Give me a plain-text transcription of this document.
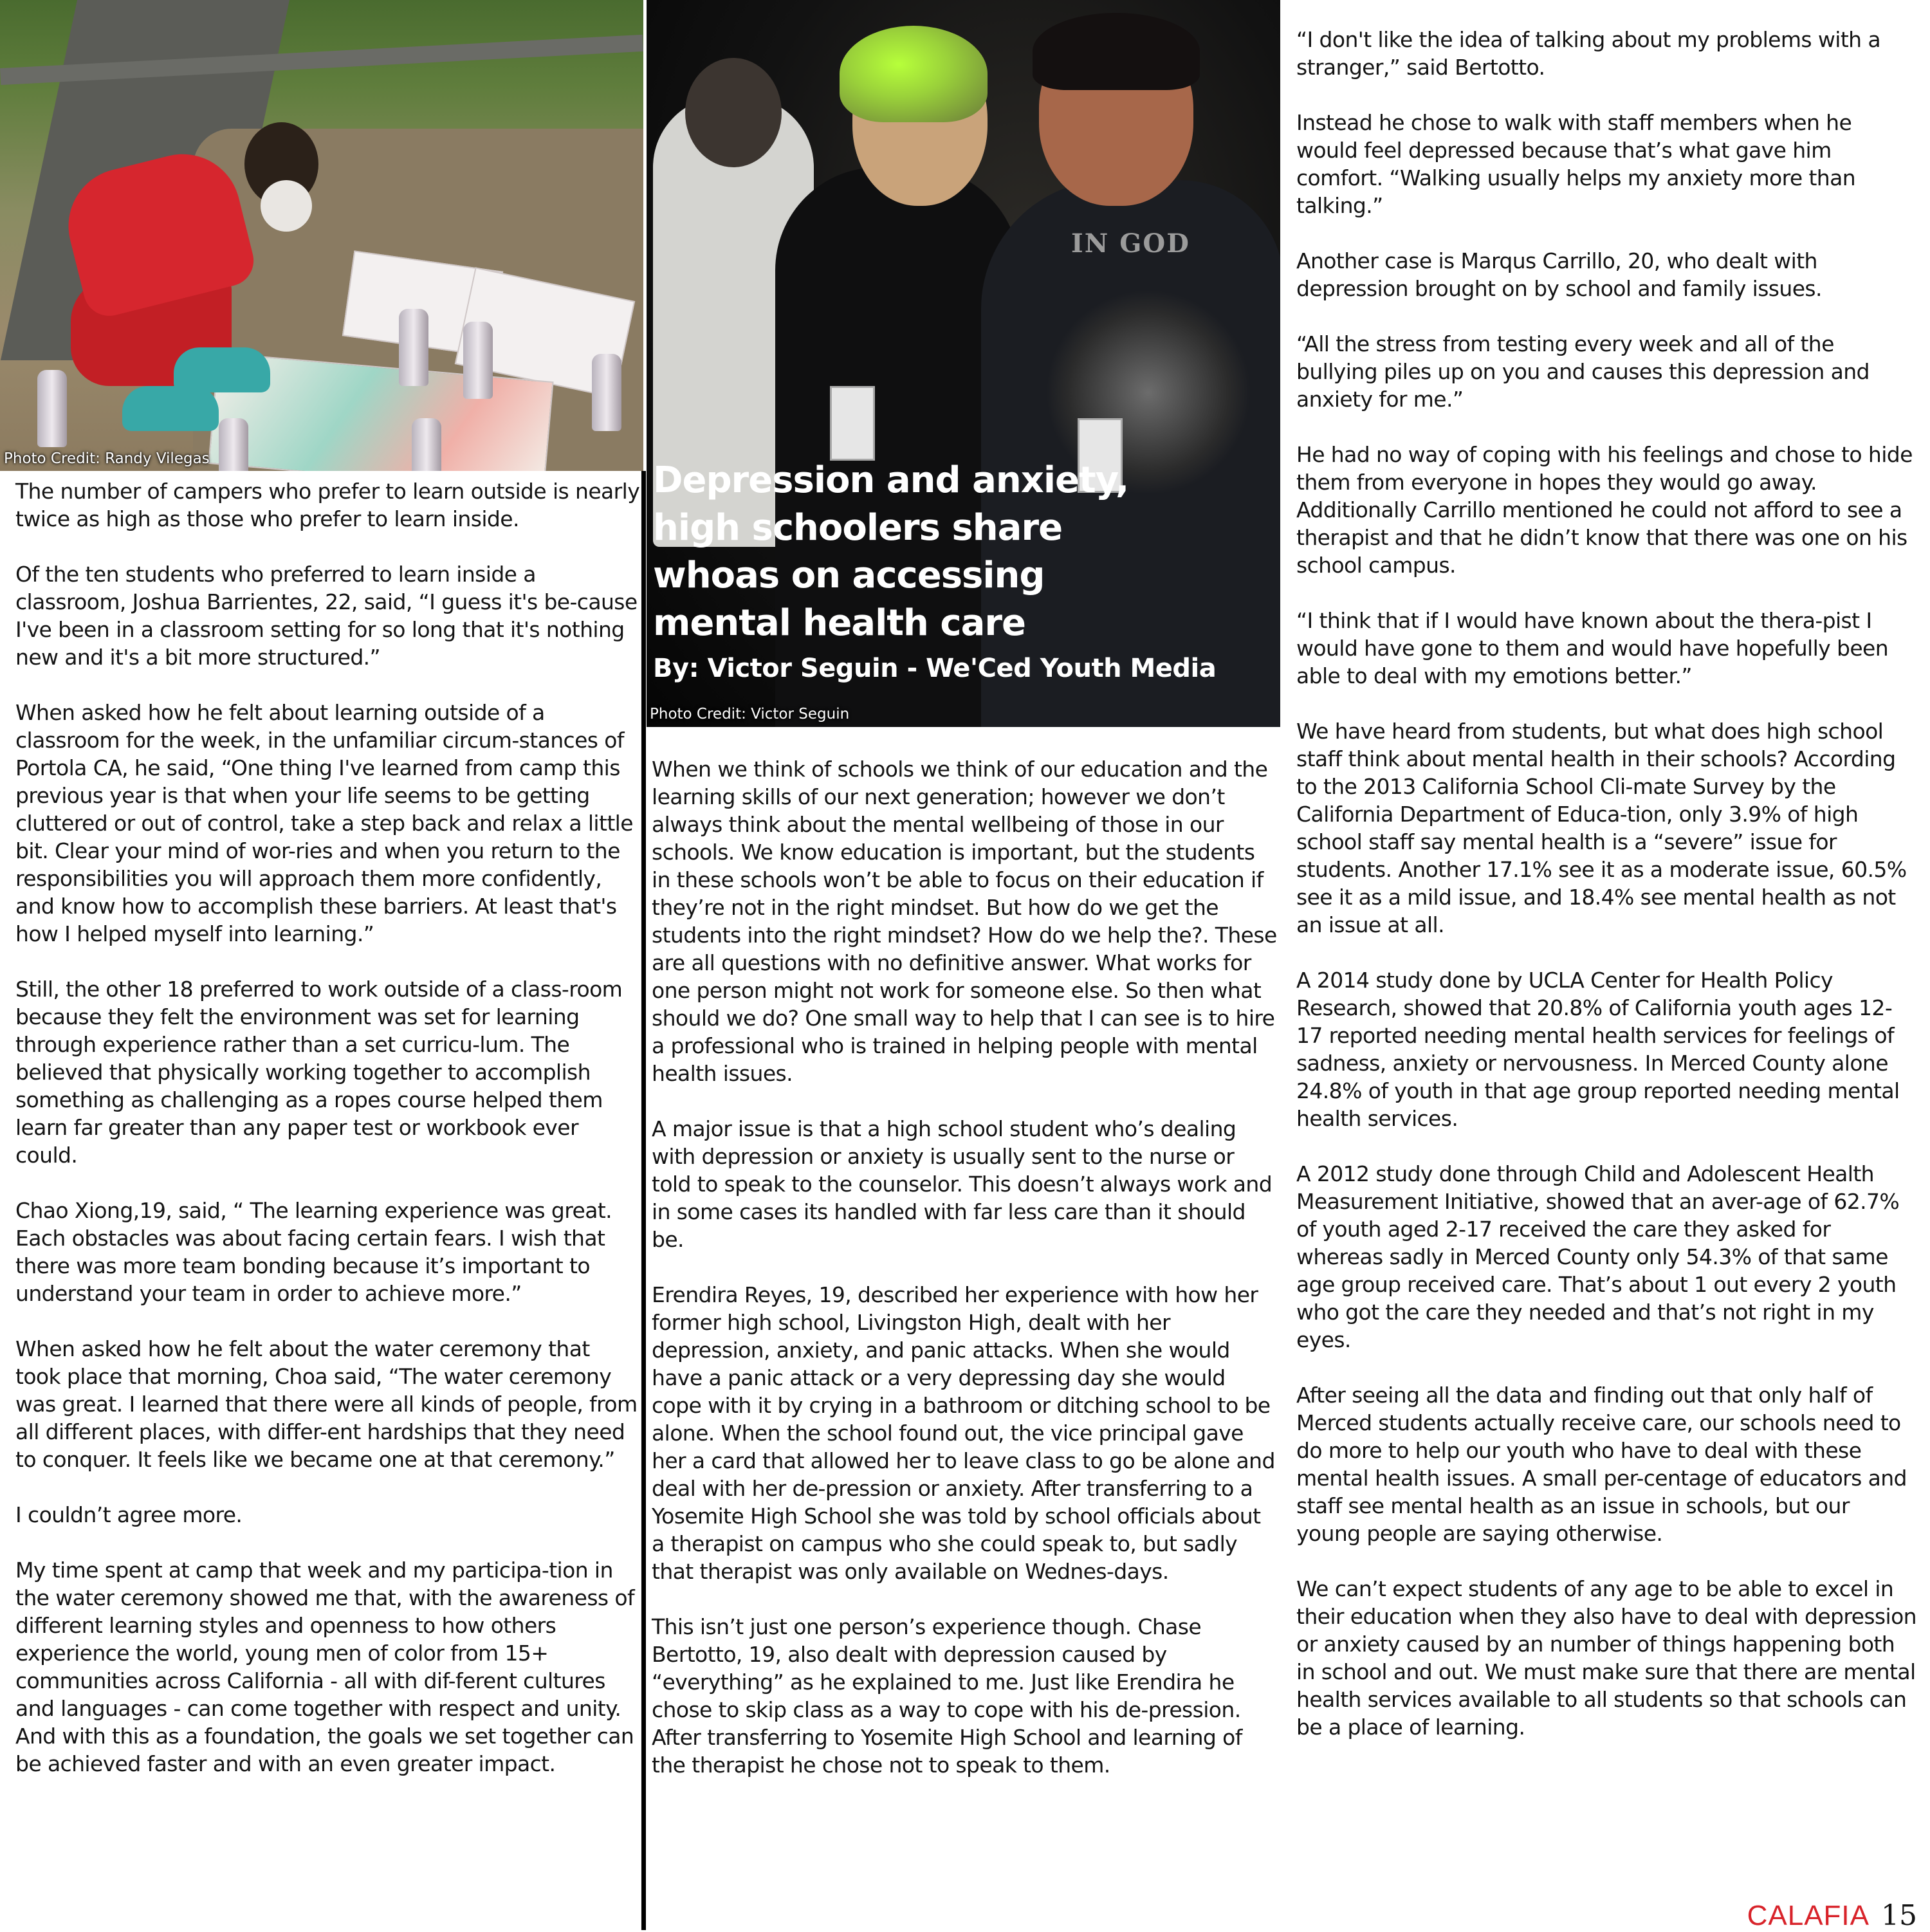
Photo Credit: Randy Vilegas
IN GOD
Photo Credit: Victor Seguin
Depression and anxiety,
high schoolers share
whoas on accessing
mental health care
By: Victor Seguin - We'Ced Youth Media

The number of campers who prefer to learn outside is nearly twice as high as those who prefer to learn inside.

Of the ten students who preferred to learn inside a classroom, Joshua Barrientes, 22, said, “I guess it's be-cause I've been in a classroom setting for so long that it's nothing new and it's a bit more structured.”

When asked how he felt about learning outside of a classroom for the week, in the unfamiliar circum-stances of Portola CA, he said, “One thing I've learned from camp this previous year is that when your life seems to be getting cluttered or out of control, take a step back and relax a little bit. Clear your mind of wor-ries and when you return to the responsibilities you will approach them more confidently, and know how to accomplish these barriers. At least that's how I helped myself into learning.”

Still, the other 18 preferred to work outside of a class-room because they felt the environment was set for learning through experience rather than a set curricu-lum. The believed that physically working together to accomplish something as challenging as a ropes course helped them learn far greater than any paper test or workbook ever could.

Chao Xiong,19, said, “ The learning experience was great. Each obstacles was about facing certain fears. I wish that there was more team bonding because it’s important to understand your team in order to achieve more.”

When asked how he felt about the water ceremony that took place that morning, Choa said, “The water ceremony was great. I learned that there were all kinds of people, from all different places, with differ-ent hardships that they need to conquer. It feels like we became one at that ceremony.”

I couldn’t agree more.

My time spent at camp that week and my participa-tion in the water ceremony showed me that, with the awareness of different learning styles and openness to how others experience the world, young men of color from 15+ communities across California - all with dif-ferent cultures and languages - can come together with respect and unity. And with this as a foundation, the goals we set together can be achieved faster and with an even greater impact.

When we think of schools we think of our education and the learning skills of our next generation; however we don’t always think about the mental wellbeing of those in our schools. We know education is important, but the students in these schools won’t be able to focus on their education if they’re not in the right mindset. But how do we get the students into the right mindset? How do we help the?. These are all questions with no definitive answer. What works for one person might not work for someone else. So then what should we do? One small way to help that I can see is to hire a professional who is trained in helping people with mental health issues.

A major issue is that a high school student who’s dealing with depression or anxiety is usually sent to the nurse or told to speak to the counselor. This doesn’t always work and in some cases its handled with far less care than it should be.

Erendira Reyes, 19, described her experience with how her former high school, Livingston High, dealt with her depression, anxiety, and panic attacks. When she would have a panic attack or a very depressing day she would cope with it by crying in a bathroom or ditching school to be alone. When the school found out, the vice principal gave her a card that allowed her to leave class to go be alone and deal with her de-pression or anxiety. After transferring to a Yosemite High School she was told by school officials about a therapist on campus who she could speak to, but sadly that therapist was only available on Wednes-days.

This isn’t just one person’s experience though. Chase Bertotto, 19, also dealt with depression caused by “everything” as he explained to me. Just like Erendira he chose to skip class as a way to cope with his de-pression. After transferring to Yosemite High School and learning of the therapist he chose not to speak to them.

“I don't like the idea of talking about my problems with a stranger,” said Bertotto.

Instead he chose to walk with staff members when he would feel depressed because that’s what gave him comfort. “Walking usually helps my anxiety more than talking.”

Another case is Marqus Carrillo, 20, who dealt with depression brought on by school and family issues.

“All the stress from testing every week and all of the bullying piles up on you and causes this depression and anxiety for me.”

He had no way of coping with his feelings and chose to hide them from everyone in hopes they would go away. Additionally Carrillo mentioned he could not afford to see a therapist and that he didn’t know that there was one on his school campus.

“I think that if I would have known about the thera-pist I would have gone to them and would have hopefully been able to deal with my emotions better.”

We have heard from students, but what does high school staff think about mental health in their schools? According to the 2013 California School Cli-mate Survey by the California Department of Educa-tion, only 3.9% of high school staff say mental health is a “severe” issue for students. Another 17.1% see it as a moderate issue, 60.5% see it as a mild issue, and 18.4% see mental health as not an issue at all.

A 2014 study done by UCLA Center for Health Policy Research, showed that 20.8% of California youth ages 12-17 reported needing mental health services for feelings of sadness, anxiety or nervousness. In Merced County alone 24.8% of youth in that age group reported needing mental health services.

A 2012 study done through Child and Adolescent Health Measurement Initiative, showed that an aver-age of 62.7% of youth aged 2-17 received the care they asked for whereas sadly in Merced County only 54.3% of that same age group received care. That’s about 1 out every 2 youth who got the care they needed and that’s not right in my eyes.

After seeing all the data and finding out that only half of Merced students actually receive care, our schools need to do more to help our youth who have to deal with these mental health issues. A small per-centage of educators and staff see mental health as an issue in schools, but our young people are saying otherwise.

We can’t expect students of any age to be able to excel in their education when they also have to deal with depression or anxiety caused by an number of things happening both in school and out. We must make sure that there are mental health services available to all students so that schools can be a place of learning.

CALAFIA 15
